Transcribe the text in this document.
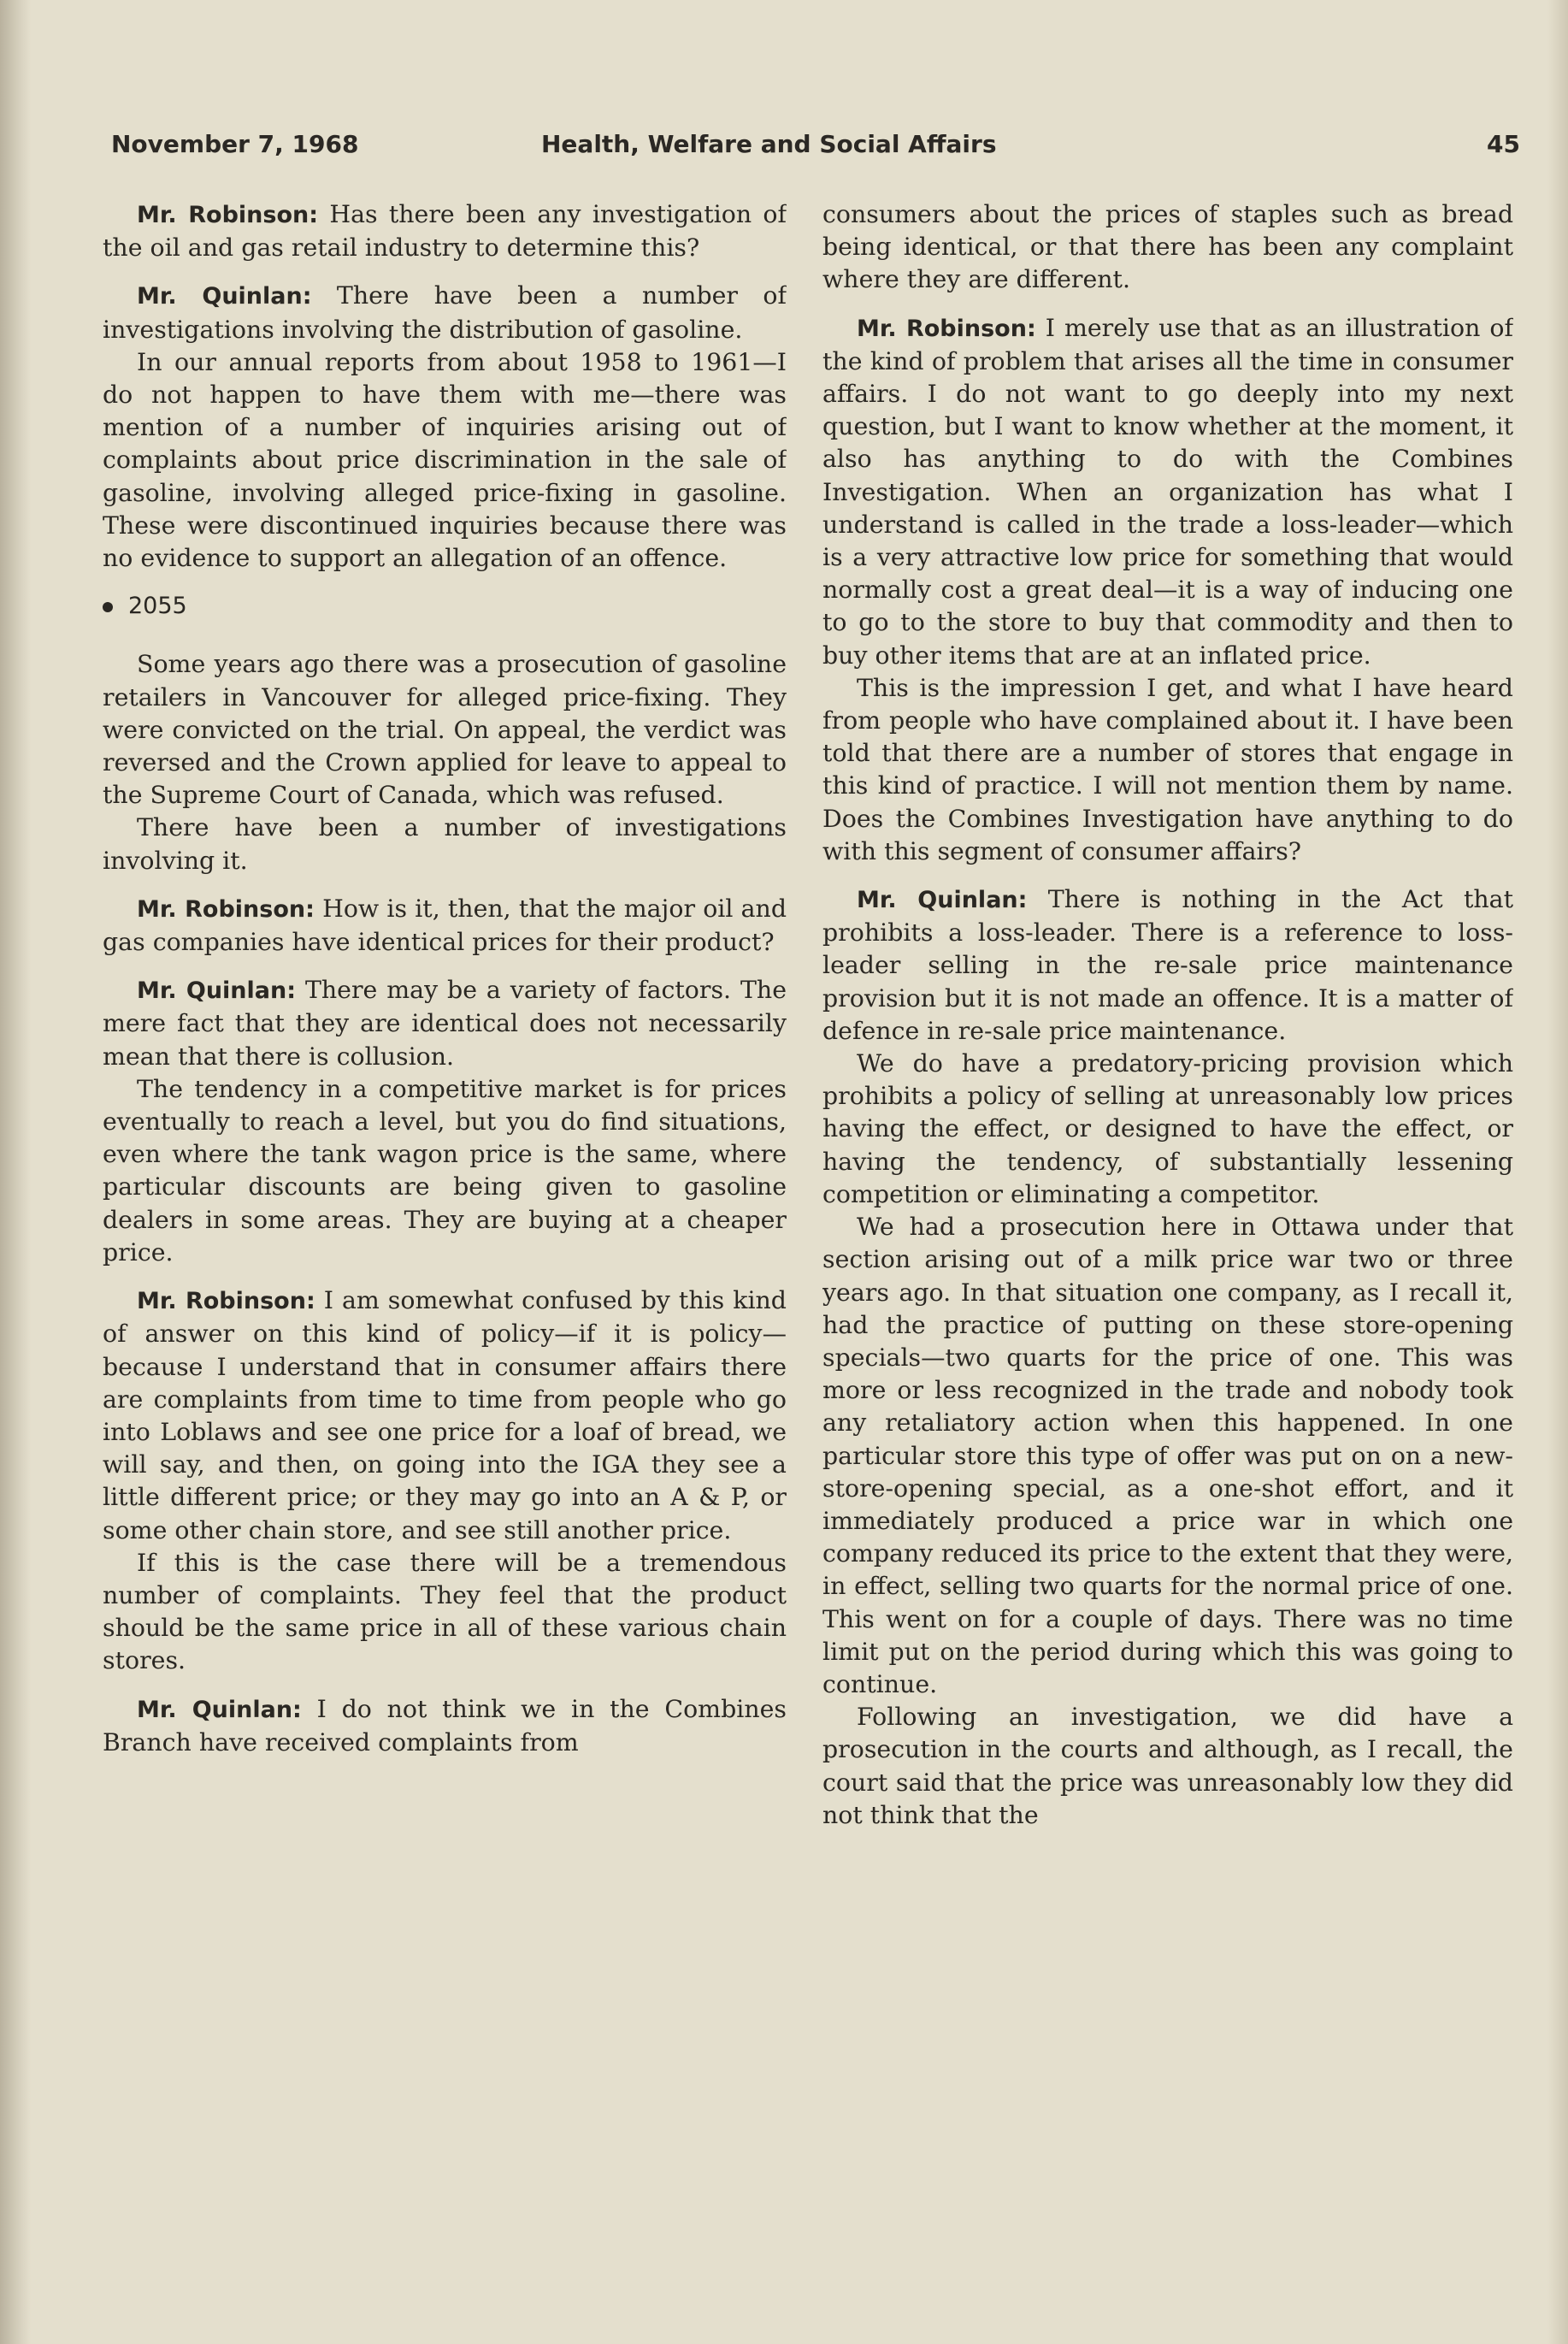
November 7, 1968	Health, Welfare and Social Affairs	45

Mr. Robinson: Has there been any investigation of the oil and gas retail industry to determine this?

Mr. Quinlan: There have been a number of investigations involving the distribution of gasoline.

In our annual reports from about 1958 to 1961—I do not happen to have them with me—there was mention of a number of inquiries arising out of complaints about price discrimination in the sale of gasoline, involving alleged price-fixing in gasoline. These were discontinued inquiries because there was no evidence to support an allegation of an offence.

2055

Some years ago there was a prosecution of gasoline retailers in Vancouver for alleged price-fixing. They were convicted on the trial. On appeal, the verdict was reversed and the Crown applied for leave to appeal to the Supreme Court of Canada, which was refused.

There have been a number of investigations involving it.

Mr. Robinson: How is it, then, that the major oil and gas companies have identical prices for their product?

Mr. Quinlan: There may be a variety of factors. The mere fact that they are identical does not necessarily mean that there is collusion.

The tendency in a competitive market is for prices eventually to reach a level, but you do find situations, even where the tank wagon price is the same, where particular discounts are being given to gasoline dealers in some areas. They are buying at a cheaper price.

Mr. Robinson: I am somewhat confused by this kind of answer on this kind of policy—if it is policy—because I understand that in consumer affairs there are complaints from time to time from people who go into Loblaws and see one price for a loaf of bread, we will say, and then, on going into the IGA they see a little different price; or they may go into an A & P, or some other chain store, and see still another price.

If this is the case there will be a tremendous number of complaints. They feel that the product should be the same price in all of these various chain stores.

Mr. Quinlan: I do not think we in the Combines Branch have received complaints from

consumers about the prices of staples such as bread being identical, or that there has been any complaint where they are different.

Mr. Robinson: I merely use that as an illustration of the kind of problem that arises all the time in consumer affairs. I do not want to go deeply into my next question, but I want to know whether at the moment, it also has anything to do with the Combines Investigation. When an organization has what I understand is called in the trade a loss-leader—which is a very attractive low price for something that would normally cost a great deal—it is a way of inducing one to go to the store to buy that commodity and then to buy other items that are at an inflated price.

This is the impression I get, and what I have heard from people who have complained about it. I have been told that there are a number of stores that engage in this kind of practice. I will not mention them by name. Does the Combines Investigation have anything to do with this segment of consumer affairs?

Mr. Quinlan: There is nothing in the Act that prohibits a loss-leader. There is a reference to loss-leader selling in the re-sale price maintenance provision but it is not made an offence. It is a matter of defence in re-sale price maintenance.

We do have a predatory-pricing provision which prohibits a policy of selling at unreasonably low prices having the effect, or designed to have the effect, or having the tendency, of substantially lessening competition or eliminating a competitor.

We had a prosecution here in Ottawa under that section arising out of a milk price war two or three years ago. In that situation one company, as I recall it, had the practice of putting on these store-opening specials—two quarts for the price of one. This was more or less recognized in the trade and nobody took any retaliatory action when this happened. In one particular store this type of offer was put on on a new-store-opening special, as a one-shot effort, and it immediately produced a price war in which one company reduced its price to the extent that they were, in effect, selling two quarts for the normal price of one. This went on for a couple of days. There was no time limit put on the period during which this was going to continue.

Following an investigation, we did have a prosecution in the courts and although, as I recall, the court said that the price was unreasonably low they did not think that the
